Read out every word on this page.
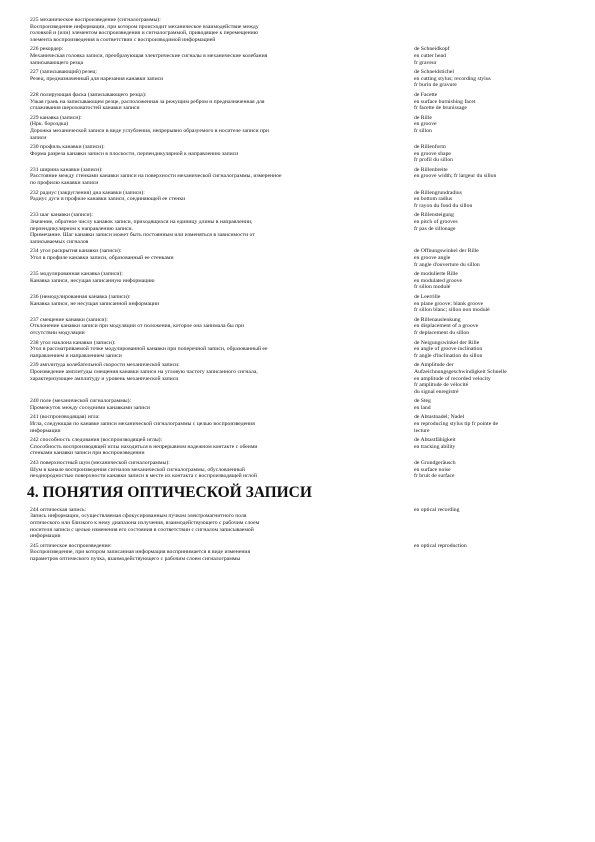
225 механическое воспроизведение (сигналограммы):
Воспроизведение информации, при котором происходит механическое взаимодействие между
головкой и (или) элементом воспроизведения и сигналограммой, приводящее к перемещению
элемента воспроизведения в соответствии с воспроизводимой информацией
226 рекордер:
Механическая головка записи, преобразующая электрические сигналы в механические колебания
записывающего резца
de Schneidkopf
en cutter head
fr graveur
227 (записывающий) резец:
Резец, предназначенный для нарезания канавки записи
de Schneidstichel
en cutting stylus; recording stylus
fr burin de gravure
228 полирующая фаска (записывающего резца):
Узкая грань на записывающем резце, расположенная за режущим ребром и предназначенная для
сглаживания шероховатостей канавки записи
de Facette
en surface burnishing facet
fr facette de brunissage
229 канавка (записи):
(Нрк. бороздка)
Дорожка механической записи в виде углубления, непрерывно образуемого в носителе записи при
записи
de Rille
en groove
fr sillon
230 профиль канавки (записи):
Форма разреза канавки записи в плоскости, перпендикулярной к направлению записи
de Rillenform
en groove shape
fr profil du sillon
231 ширина канавки (записи):
Расстояние между стенками канавки записи на поверхности механической сигналограммы, измеренное
по профилю канавки записи
de Rillenbreite
en groove width; fr largeur du sillon
232 радиус (закругления) дна канавки (записи):
Радиус дуги в профиле канавки записи, соединяющей ее стенки
de Rillengrundradius
en bottom radius
fr rayon du fond du sillon
233 шаг канавки (записи):
Значение, обратное числу канавок записи, приходящихся на единицу длины в направлении,
перпендикулярном к направлению записи.
Примечание. Шаг канавки записи может быть постоянным или изменяться в зависимости от
записываемых сигналов
de Rillensteigung
en pitch of grooves
fr pas de sillonage
234 угол раскрытия канавки (записи):
Угол в профиле канавки записи, образованный ее стенками
de Öffnungswinkel der Rille
en groove angle
fr angle d'ouverture du sillon
235 модулированная канавка (записи):
Канавка записи, несущая записанную информацию
de modulierte Rille
en modulated groove
fr sillon modulé
236 (немодулированная канавка (записи):
Канавка записи, не несущая записанной информации
de Leerrille
en plane groove; blank groove
fr sillon blanc; sillon non modulé
237 смещение канавки (записи):
Отклонение канавки записи при модуляции от положения, которое она занимала бы при
отсутствии модуляции
de Rillenauslenkung
en displacement of a groove
fr deplacement du sillon
238 угол наклона канавки (записи):
Угол в рассматриваемой точке модулированной канавки при поперечной записи, образованный ее
направлением и направлением записи
de Neigungswinkel der Rille
en angle of groove inclination
fr angle d'inclination du sillon
239 амплитуда колебательной скорости механической записи:
Произведение амплитуды смещения канавки записи на угловую частоту записанного сигнала,
характеризующее амплитуду и уровень механической записи
de Amplitude der
Aufzeichnungsgeschwindigkeit Schnelle
en amplitude of recorded velocity
fr amplitude de vélocité
du signal enregistré
240 поле (механической сигналограммы):
Промежуток между соседними канавками записи
de Steg
en land
241 (воспроизводящая) игла:
Игла, следующая по канавке записи механической сигналограммы с целью воспроизведения
информации
de Abtastnadel; Nadel
en reproducing stylus tip fr pointe de
lecture
242 способность следования (воспроизводящей иглы):
Способность воспроизводящей иглы находиться в непрерывном надежном контакте с обеими
стенками канавки записи при воспроизведении
de Abtastfähigkeit
en tracking ability
243 поверхностный шум (механической сигналограммы):
Шум в канале воспроизведения сигналов механической сигналограммы, обусловленный
неоднородностью поверхности канавки записи в месте их контакта с воспроизводящей иглой
de Grundgeräusch
en surface noise
fr bruit de surface
4. ПОНЯТИЯ ОПТИЧЕСКОЙ ЗАПИСИ
244 оптическая запись:
Запись информации, осуществляемая сфокусированным пучком электромагнитного поля
оптического или близкого к нему диапазона излучения, взаимодействующего с рабочим слоем
носителя записи с целью изменения его состояния в соответствии с сигналом записываемой
информации
en optical recording
245 оптическое воспроизведение:
Воспроизведение, при котором записанная информация воспринимается в виде изменения
параметров оптического пучка, взаимодействующего с рабочим слоем сигналограммы
en optical reproduction
